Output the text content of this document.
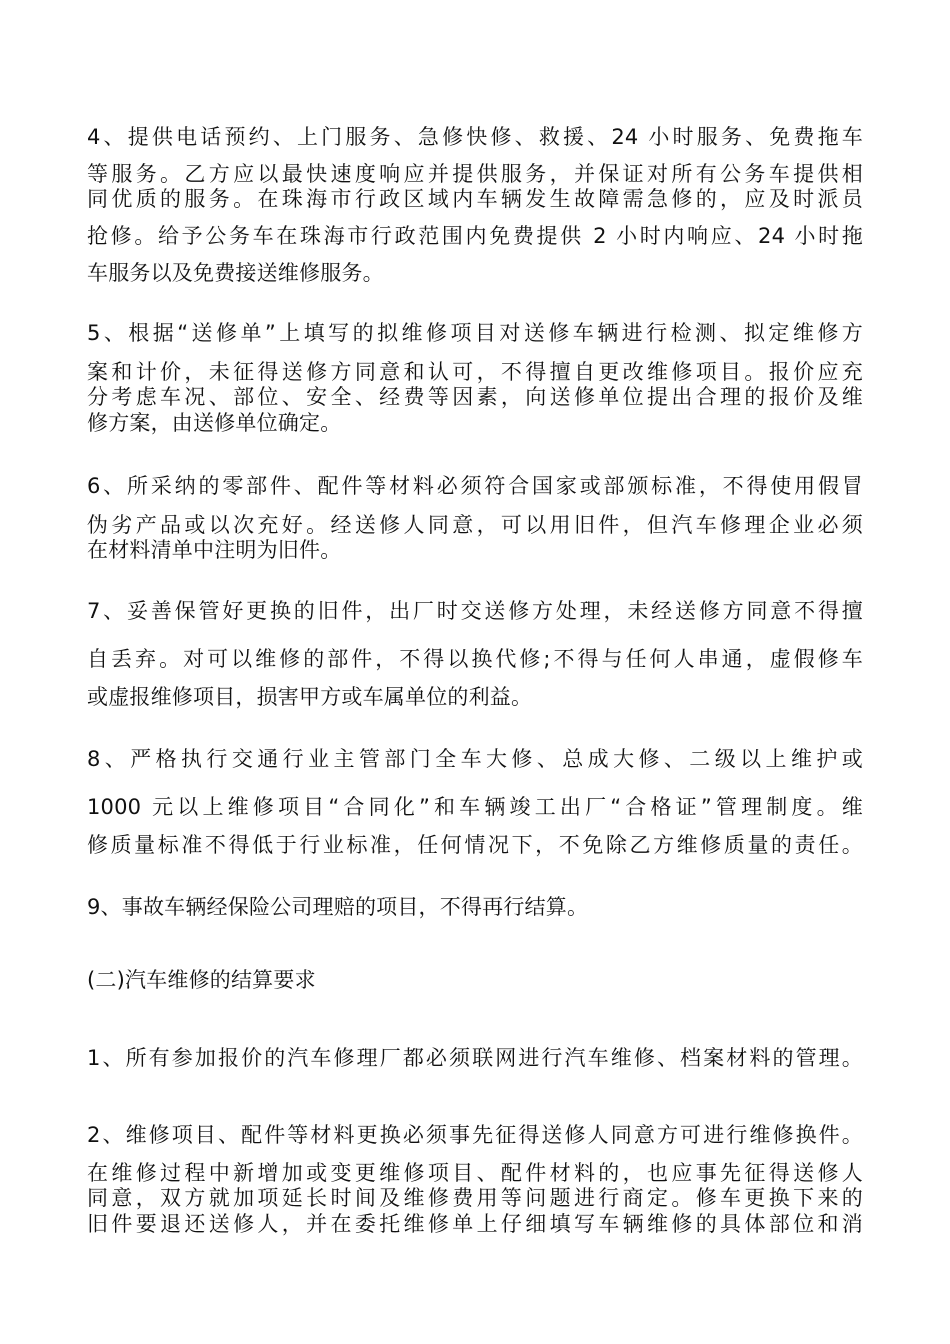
4、提供电话预约、上门服务、急修快修、救援、24 小时服务、免费拖车

等服务。乙方应以最快速度响应并提供服务，并保证对所有公务车提供相

同优质的服务。在珠海市行政区域内车辆发生故障需急修的，应及时派员

抢修。给予公务车在珠海市行政范围内免费提供 2 小时内响应、24 小时拖

车服务以及免费接送维修服务。

5、根据“送修单”上填写的拟维修项目对送修车辆进行检测、拟定维修方

案和计价，未征得送修方同意和认可，不得擅自更改维修项目。报价应充

分考虑车况、部位、安全、经费等因素，向送修单位提出合理的报价及维

修方案，由送修单位确定。

6、所采纳的零部件、配件等材料必须符合国家或部颁标准，不得使用假冒

伪劣产品或以次充好。经送修人同意，可以用旧件，但汽车修理企业必须

在材料清单中注明为旧件。

7、妥善保管好更换的旧件，出厂时交送修方处理，未经送修方同意不得擅

自丢弃。对可以维修的部件，不得以换代修;不得与任何人串通，虚假修车

或虚报维修项目，损害甲方或车属单位的利益。

8、严格执行交通行业主管部门全车大修、总成大修、二级以上维护或

1000 元以上维修项目“合同化”和车辆竣工出厂“合格证”管理制度。维

修质量标准不得低于行业标准，任何情况下，不免除乙方维修质量的责任。

9、事故车辆经保险公司理赔的项目，不得再行结算。

(二)汽车维修的结算要求

1、所有参加报价的汽车修理厂都必须联网进行汽车维修、档案材料的管理。

2、维修项目、配件等材料更换必须事先征得送修人同意方可进行维修换件。

在维修过程中新增加或变更维修项目、配件材料的，也应事先征得送修人

同意，双方就加项延长时间及维修费用等问题进行商定。修车更换下来的

旧件要退还送修人，并在委托维修单上仔细填写车辆维修的具体部位和消
